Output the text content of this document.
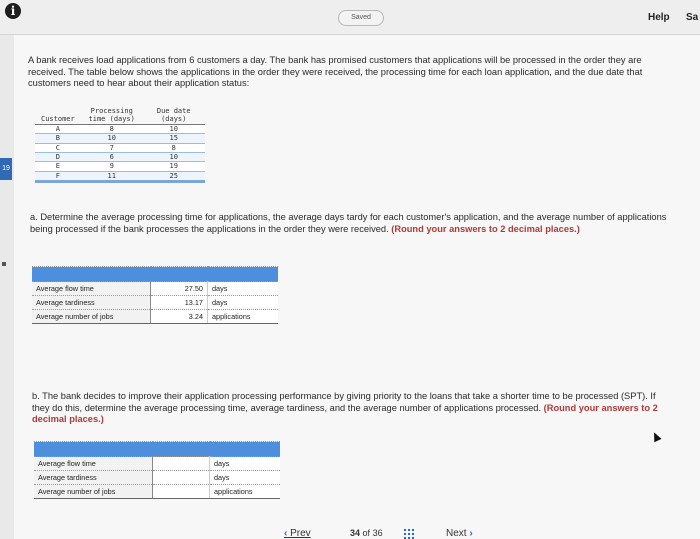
i	Saved	Help Sa
19
A bank receives load applications from 6 customers a day. The bank has promised customers that applications will be processed in the order they are received. The table below shows the applications in the order they were received, the processing time for each loan application, and the due date that customers need to hear about their application status:
	Processing	Due date
Customer	time (days)	(days)
A	8	10
B	10	15
C	7	8
D	6	10
E	9	19
F	11	25
a. Determine the average processing time for applications, the average days tardy for each customer's application, and the average number of applications being processed if the bank processes the applications in the order they were received. (Round your answers to 2 decimal places.)

Average flow time	27.50	days
Average tardiness	13.17	days
Average number of jobs	3.24	applications
b. The bank decides to improve their application processing performance by giving priority to the loans that take a shorter time to be processed (SPT). If they do this, determine the average processing time, average tardiness, and the average number of applications processed. (Round your answers to 2 decimal places.)

Average flow time		days
Average tardiness		days
Average number of jobs		applications
‹ Prev	34 of 36	Next ›
